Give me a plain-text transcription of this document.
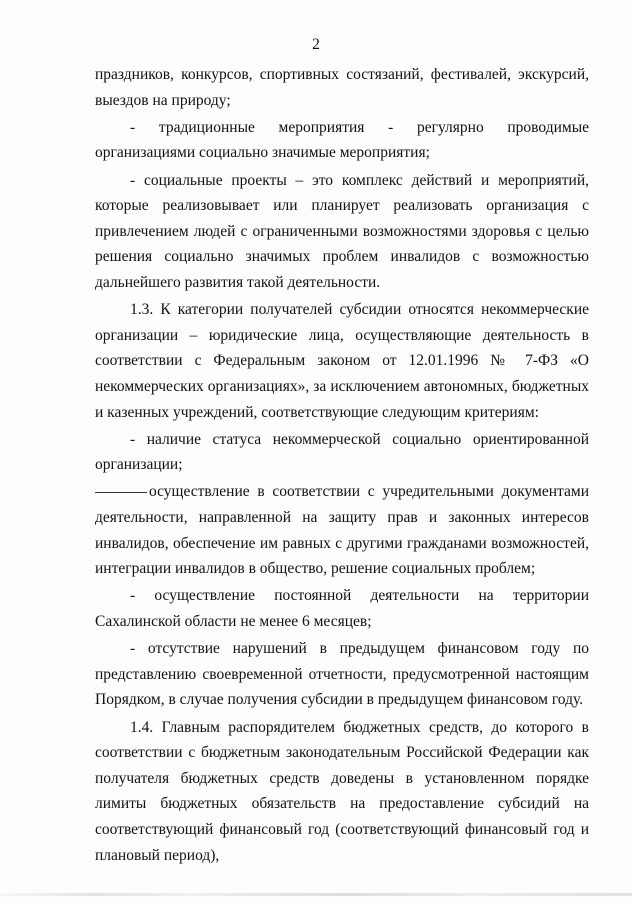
2

праздников, конкурсов, спортивных состязаний, фестивалей, экскурсий, выездов на природу;

- традиционные мероприятия - регулярно проводимые организациями социально значимые мероприятия;

- социальные проекты – это комплекс действий и мероприятий, которые реализовывает или планирует реализовать организация с привлечением людей с ограниченными возможностями здоровья с целью решения социально значимых проблем инвалидов с возможностью дальнейшего развития такой деятельности.

1.3. К категории получателей субсидии относятся некоммерческие организации – юридические лица, осуществляющие деятельность в соответствии с Федеральным законом от 12.01.1996 № 7-ФЗ «О некоммерческих организациях», за исключением автономных, бюджетных и казенных учреждений, соответствующие следующим критериям:

- наличие статуса некоммерческой социально ориентированной организации;

осуществление в соответствии с учредительными документами деятельности, направленной на защиту прав и законных интересов инвалидов, обеспечение им равных с другими гражданами возможностей, интеграции инвалидов в общество, решение социальных проблем;

- осуществление постоянной деятельности на территории Сахалинской области не менее 6 месяцев;

- отсутствие нарушений в предыдущем финансовом году по представлению своевременной отчетности, предусмотренной настоящим Порядком, в случае получения субсидии в предыдущем финансовом году.

1.4. Главным распорядителем бюджетных средств, до которого в соответствии с бюджетным законодательным Российской Федерации как получателя бюджетных средств доведены в установленном порядке лимиты бюджетных обязательств на предоставление субсидий на соответствующий финансовый год (соответствующий финансовый год и плановый период),
